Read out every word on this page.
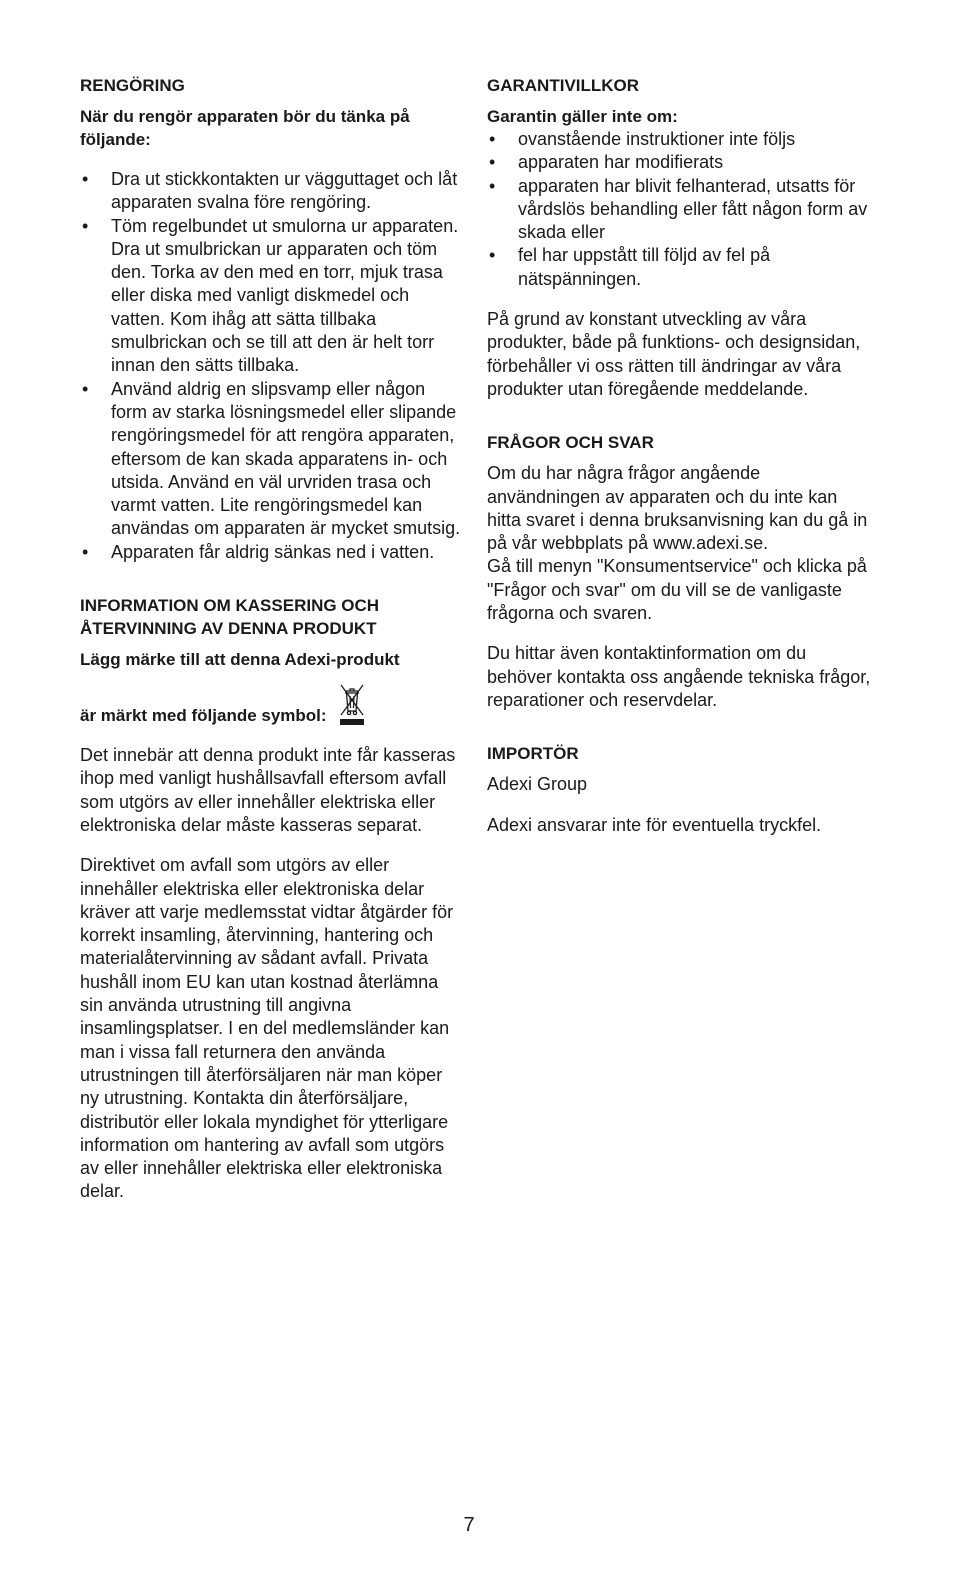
RENGÖRING
När du rengör apparaten bör du tänka på följande:
• Dra ut stickkontakten ur vägguttaget och låt apparaten svalna före rengöring.
• Töm regelbundet ut smulorna ur apparaten. Dra ut smulbrickan ur apparaten och töm den. Torka av den med en torr, mjuk trasa eller diska med vanligt diskmedel och vatten. Kom ihåg att sätta tillbaka smulbrickan och se till att den är helt torr innan den sätts tillbaka.
• Använd aldrig en slipsvamp eller någon form av starka lösningsmedel eller slipande rengöringsmedel för att rengöra apparaten, eftersom de kan skada apparatens in- och utsida. Använd en väl urvriden trasa och varmt vatten. Lite rengöringsmedel kan användas om apparaten är mycket smutsig.
• Apparaten får aldrig sänkas ned i vatten.
INFORMATION OM KASSERING OCH ÅTERVINNING AV DENNA PRODUKT
Lägg märke till att denna Adexi-produkt
är märkt med följande symbol:

Det innebär att denna produkt inte får kasseras ihop med vanligt hushållsavfall eftersom avfall som utgörs av eller innehåller elektriska eller elektroniska delar måste kasseras separat.

Direktivet om avfall som utgörs av eller innehåller elektriska eller elektroniska delar kräver att varje medlemsstat vidtar åtgärder för korrekt insamling, återvinning, hantering och materialåtervinning av sådant avfall. Privata hushåll inom EU kan utan kostnad återlämna sin använda utrustning till angivna insamlingsplatser. I en del medlemsländer kan man i vissa fall returnera den använda utrustningen till återförsäljaren när man köper ny utrustning. Kontakta din återförsäljare, distributör eller lokala myndighet för ytterligare information om hantering av avfall som utgörs av eller innehåller elektriska eller elektroniska delar.

GARANTIVILLKOR
Garantin gäller inte om:
• ovanstående instruktioner inte följs
• apparaten har modifierats
• apparaten har blivit felhanterad, utsatts för vårdslös behandling eller fått någon form av skada eller
• fel har uppstått till följd av fel på nätspänningen.

På grund av konstant utveckling av våra produkter, både på funktions- och designsidan, förbehåller vi oss rätten till ändringar av våra produkter utan föregående meddelande.

FRÅGOR OCH SVAR

Om du har några frågor angående användningen av apparaten och du inte kan hitta svaret i denna bruksanvisning kan du gå in på vår webbplats på www.adexi.se.

Gå till menyn "Konsumentservice" och klicka på "Frågor och svar" om du vill se de vanligaste frågorna och svaren.

Du hittar även kontaktinformation om du behöver kontakta oss angående tekniska frågor, reparationer och reservdelar.

IMPORTÖR

Adexi Group

Adexi ansvarar inte för eventuella tryckfel.

7
